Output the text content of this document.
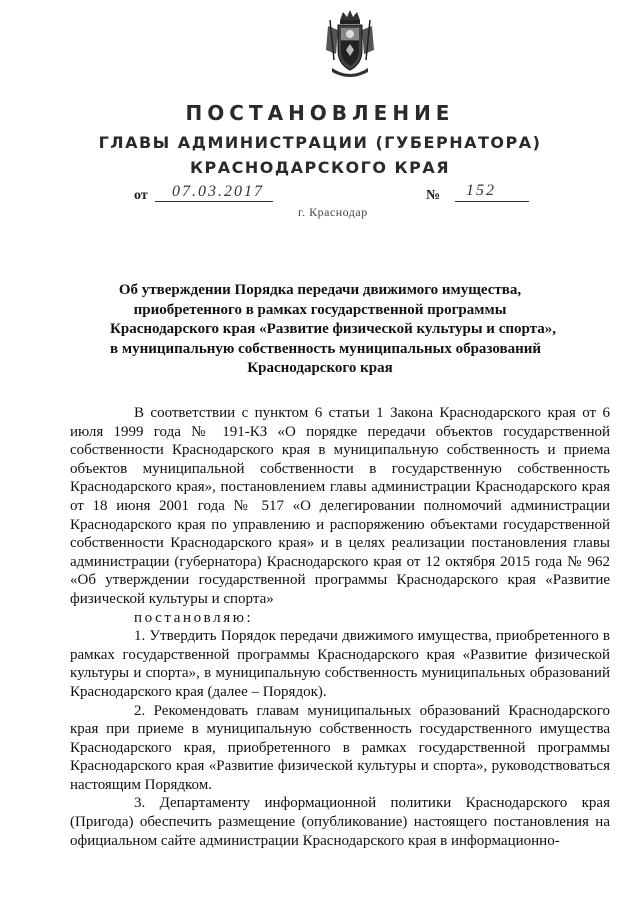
ПОСТАНОВЛЕНИЕ
ГЛАВЫ АДМИНИСТРАЦИИ (ГУБЕРНАТОРА)
КРАСНОДАРСКОГО КРАЯ
от 07.03.2017	№ 152
г. Краснодар
Об утверждении Порядка передачи движимого имущества,
приобретенного в рамках государственной программы
Краснодарского края «Развитие физической культуры и спорта»,
в муниципальную собственность муниципальных образований
Краснодарского края

В соответствии с пунктом 6 статьи 1 Закона Краснодарского края от 6 июля 1999 года № 191-КЗ «О порядке передачи объектов государственной собственности Краснодарского края в муниципальную собственность и приема объектов муниципальной собственности в государственную собственность Краснодарского края», постановлением главы администрации Краснодарского края от 18 июня 2001 года № 517 «О делегировании полномочий администрации Краснодарского края по управлению и распоряжению объектами государственной собственности Краснодарского края» и в целях реализации постановления главы администрации (губернатора) Краснодарского края от 12 октября 2015 года № 962 «Об утверждении государственной программы Краснодарского края «Развитие физической культуры и спорта»

постановляю:

1. Утвердить Порядок передачи движимого имущества, приобретенного в рамках государственной программы Краснодарского края «Развитие физической культуры и спорта», в муниципальную собственность муниципальных образований Краснодарского края (далее – Порядок).

2. Рекомендовать главам муниципальных образований Краснодарского края при приеме в муниципальную собственность государственного имущества Краснодарского края, приобретенного в рамках государственной программы Краснодарского края «Развитие физической культуры и спорта», руководствоваться настоящим Порядком.

3. Департаменту информационной политики Краснодарского края (Пригода) обеспечить размещение (опубликование) настоящего постановления на официальном сайте администрации Краснодарского края в информационно-
